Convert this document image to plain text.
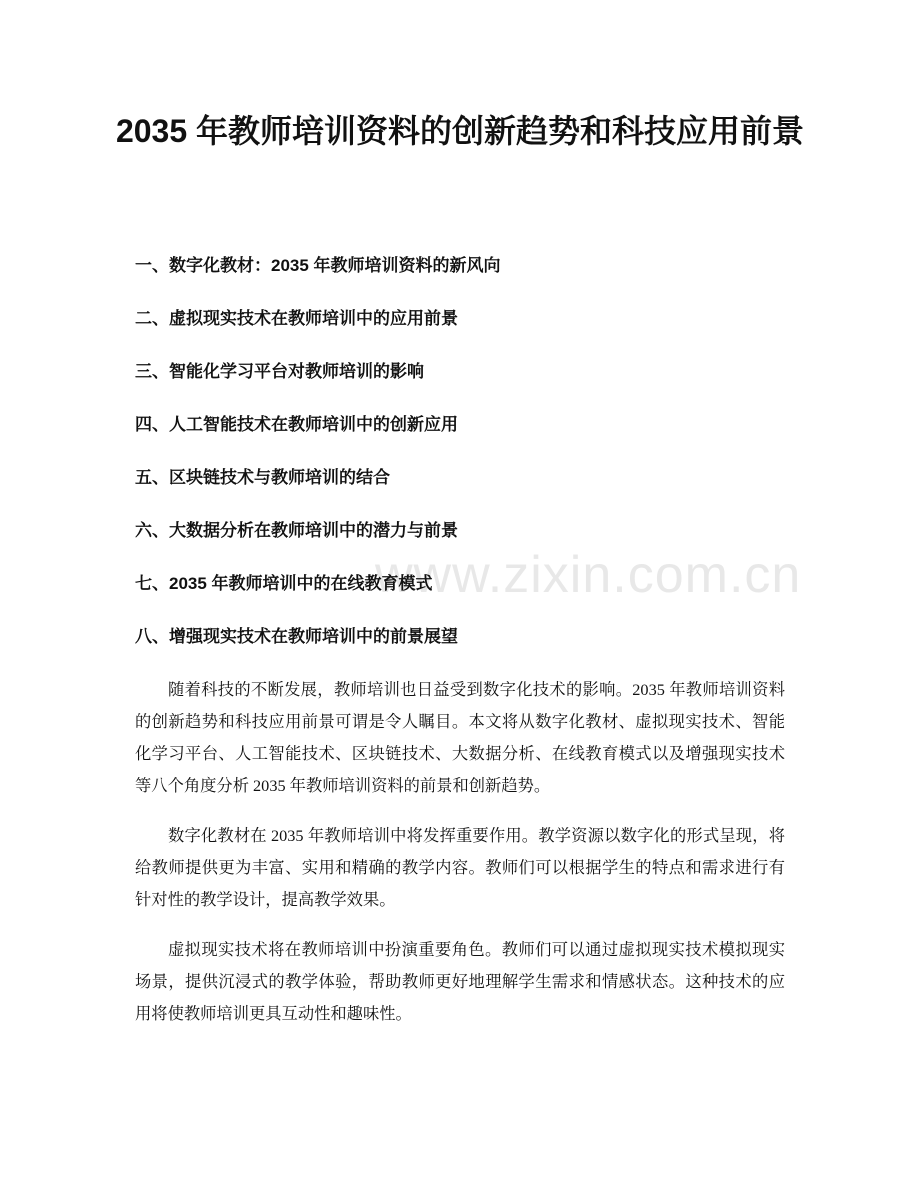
www.zixin.com.cn
2035 年教师培训资料的创新趋势和科技应用前景
一、数字化教材：2035 年教师培训资料的新风向
二、虚拟现实技术在教师培训中的应用前景
三、智能化学习平台对教师培训的影响
四、人工智能技术在教师培训中的创新应用
五、区块链技术与教师培训的结合
六、大数据分析在教师培训中的潜力与前景
七、2035 年教师培训中的在线教育模式
八、增强现实技术在教师培训中的前景展望

随着科技的不断发展，教师培训也日益受到数字化技术的影响。2035 年教师培训资料的创新趋势和科技应用前景可谓是令人瞩目。本文将从数字化教材、虚拟现实技术、智能化学习平台、人工智能技术、区块链技术、大数据分析、在线教育模式以及增强现实技术等八个角度分析 2035 年教师培训资料的前景和创新趋势。

数字化教材在 2035 年教师培训中将发挥重要作用。教学资源以数字化的形式呈现，将给教师提供更为丰富、实用和精确的教学内容。教师们可以根据学生的特点和需求进行有针对性的教学设计，提高教学效果。

虚拟现实技术将在教师培训中扮演重要角色。教师们可以通过虚拟现实技术模拟现实场景，提供沉浸式的教学体验，帮助教师更好地理解学生需求和情感状态。这种技术的应用将使教师培训更具互动性和趣味性。
